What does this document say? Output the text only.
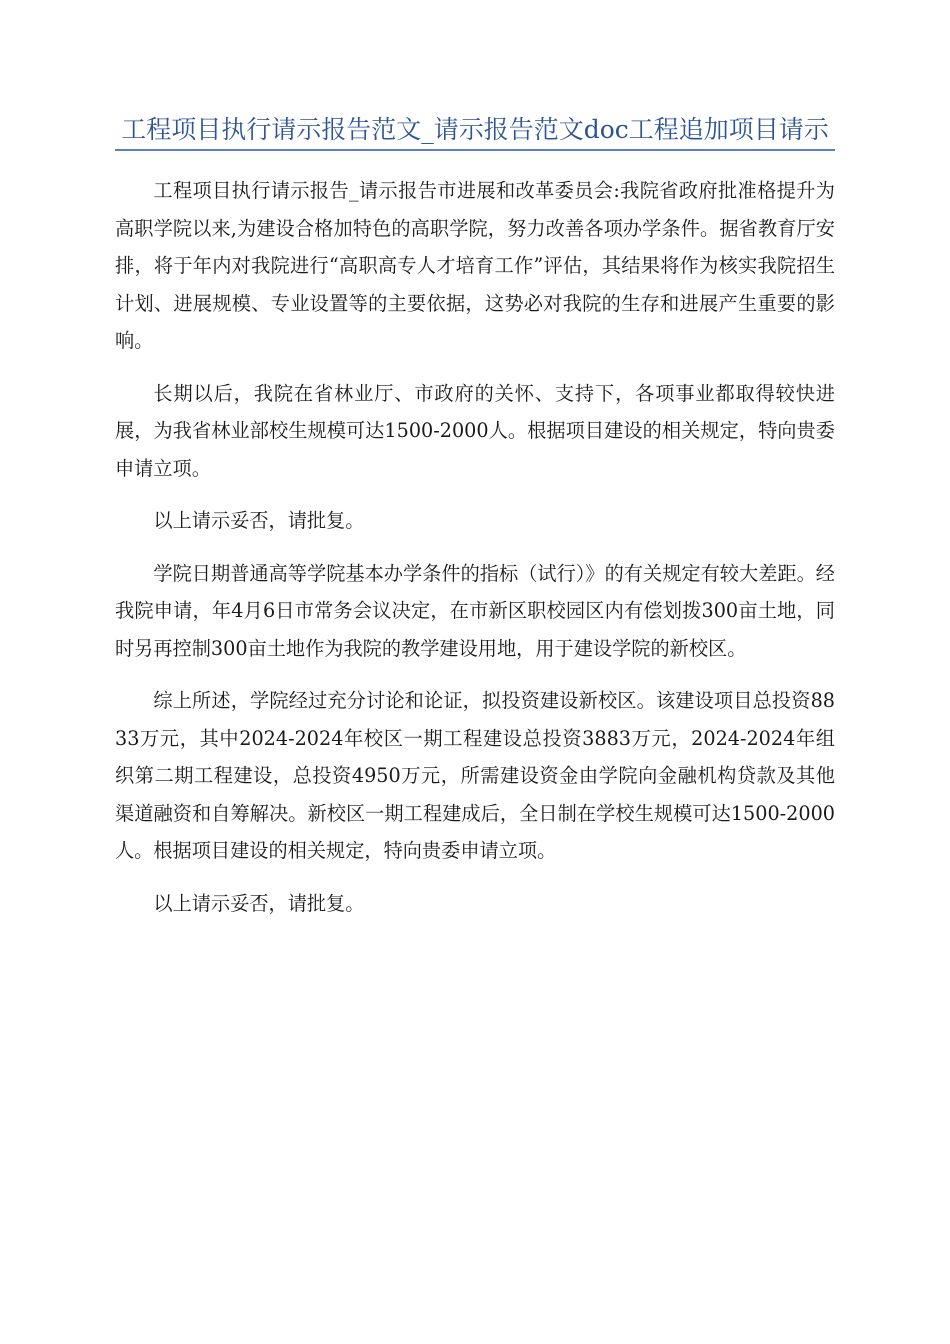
工程项目执行请示报告范文_请示报告范文doc工程追加项目请示

工程项目执行请示报告_请示报告市进展和改革委员会:我院省政府批准格提升为高职学院以来,为建设合格加特色的高职学院，努力改善各项办学条件。据省教育厅安排，将于年内对我院进行“高职高专人才培育工作”评估，其结果将作为核实我院招生计划、进展规模、专业设置等的主要依据，这势必对我院的生存和进展产生重要的影响。

长期以后，我院在省林业厅、市政府的关怀、支持下，各项事业都取得较快进展，为我省林业部校生规模可达1500-2000人。根据项目建设的相关规定，特向贵委申请立项。

以上请示妥否，请批复。

学院日期普通高等学院基本办学条件的指标（试行）》的有关规定有较大差距。经我院申请，年4月6日市常务会议决定，在市新区职校园区内有偿划拨300亩土地，同时另再控制300亩土地作为我院的教学建设用地，用于建设学院的新校区。

综上所述，学院经过充分讨论和论证，拟投资建设新校区。该建设项目总投资8833万元，其中2024-2024年校区一期工程建设总投资3883万元，2024-2024年组织第二期工程建设，总投资4950万元，所需建设资金由学院向金融机构贷款及其他渠道融资和自筹解决。新校区一期工程建成后，全日制在学校生规模可达1500-2000人。根据项目建设的相关规定，特向贵委申请立项。

以上请示妥否，请批复。
